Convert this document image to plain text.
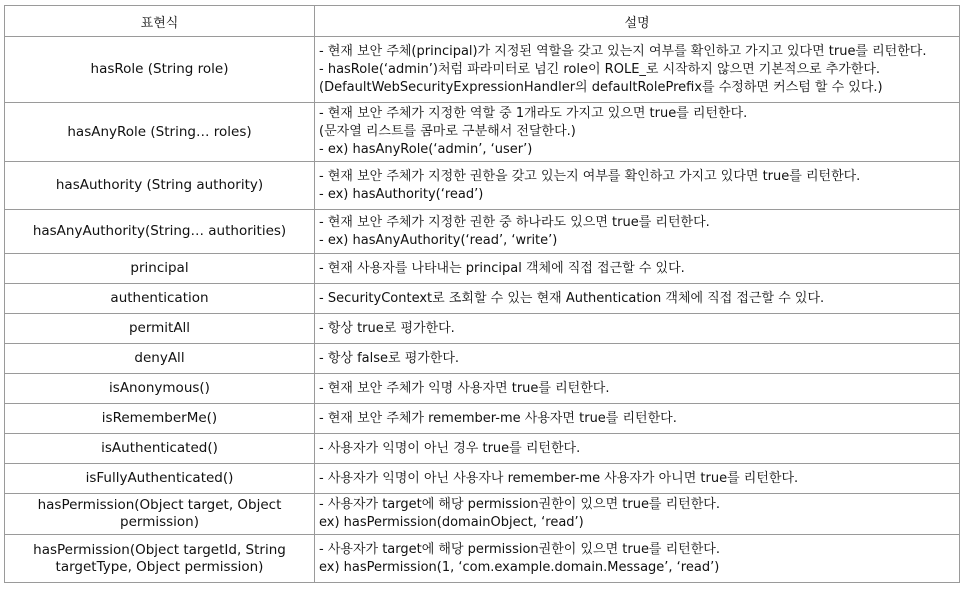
표현식	설명
hasRole (String role)	- 현재 보안 주체(principal)가 지정된 역할을 갖고 있는지 여부를 확인하고 가지고 있다면 true를 리턴한다.
- hasRole(‘admin’)처럼 파라미터로 넘긴 role이 ROLE_로 시작하지 않으면 기본적으로 추가한다.
(DefaultWebSecurityExpressionHandler의 defaultRolePrefix를 수정하면 커스텀 할 수 있다.)

hasAnyRole (String… roles)	- 현재 보안 주체가 지정한 역할 중 1개라도 가지고 있으면 true를 리턴한다.
(문자열 리스트를 콤마로 구분해서 전달한다.)
- ex) hasAnyRole(‘admin’, ‘user’)

hasAuthority (String authority)	- 현재 보안 주체가 지정한 권한을 갖고 있는지 여부를 확인하고 가지고 있다면 true를 리턴한다.
- ex) hasAuthority(‘read’)

hasAnyAuthority(String… authorities)	- 현재 보안 주체가 지정한 권한 중 하나라도 있으면 true를 리턴한다.
- ex) hasAnyAuthority(‘read’, ‘write’)

principal	- 현재 사용자를 나타내는 principal 객체에 직접 접근할 수 있다.

authentication	- SecurityContext로 조회할 수 있는 현재 Authentication 객체에 직접 접근할 수 있다.

permitAll	- 항상 true로 평가한다.

denyAll	- 항상 false로 평가한다.

isAnonymous()	- 현재 보안 주체가 익명 사용자면 true를 리턴한다.

isRememberMe()	- 현재 보안 주체가 remember-me 사용자면 true를 리턴한다.

isAuthenticated()	- 사용자가 익명이 아닌 경우 true를 리턴한다.

isFullyAuthenticated()	- 사용자가 익명이 아닌 사용자나 remember-me 사용자가 아니면 true를 리턴한다.

hasPermission(Object target, Object permission)	- 사용자가 target에 해당 permission권한이 있으면 true를 리턴한다.
ex) hasPermission(domainObject, ‘read’)

hasPermission(Object targetId, String targetType, Object permission)	- 사용자가 target에 해당 permission권한이 있으면 true를 리턴한다.
ex) hasPermission(1, ‘com.example.domain.Message’, ‘read’)
